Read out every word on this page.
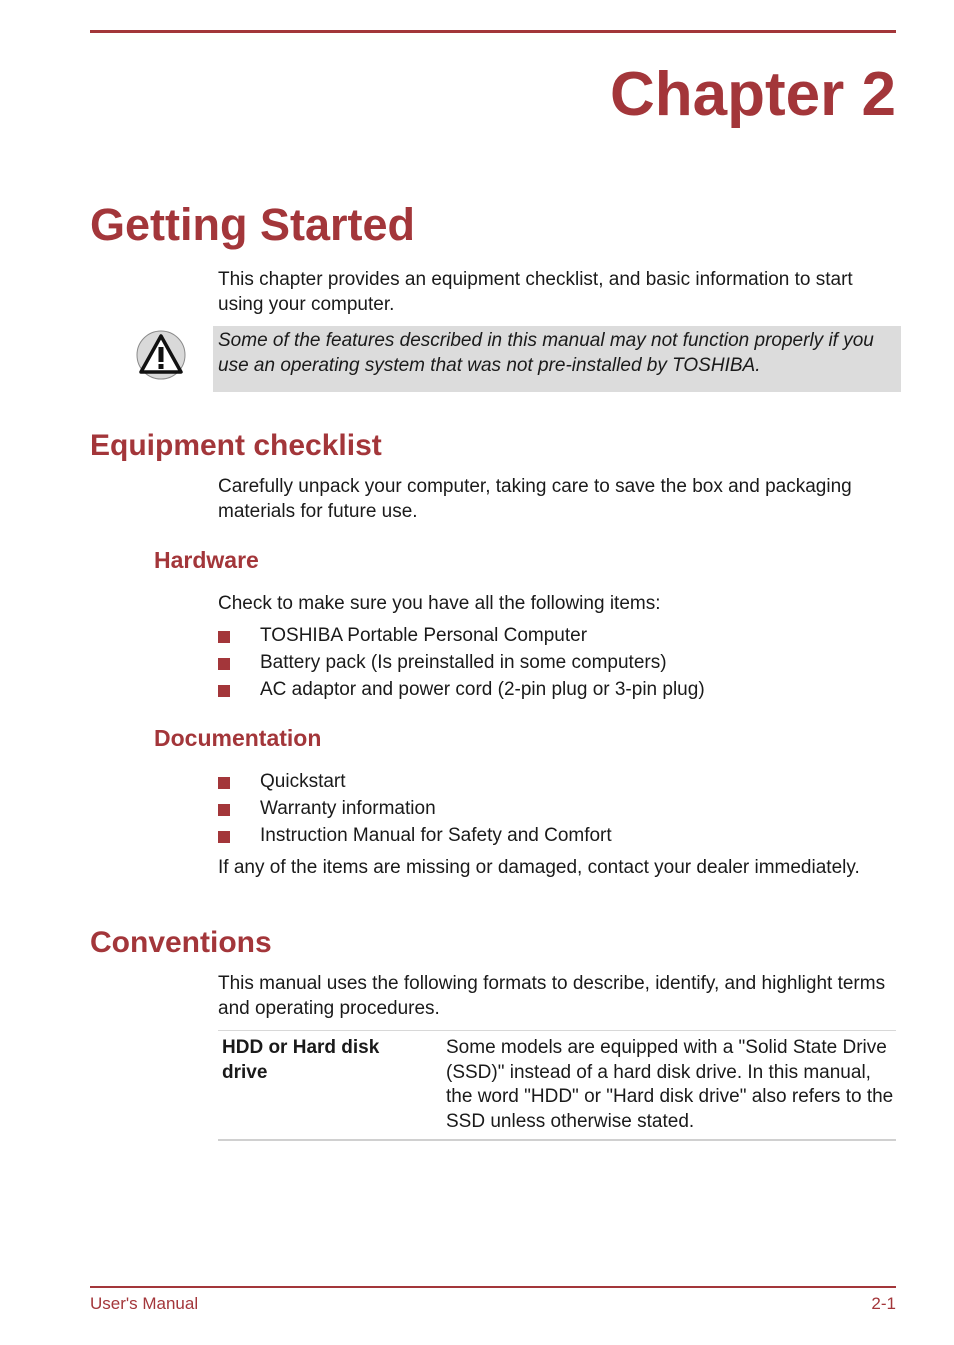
Chapter 2
Getting Started

This chapter provides an equipment checklist, and basic information to start using your computer.

Some of the features described in this manual may not function properly if you use an operating system that was not pre-installed by TOSHIBA.
Equipment checklist

Carefully unpack your computer, taking care to save the box and packaging materials for future use.

Hardware

Check to make sure you have all the following items:

TOSHIBA Portable Personal Computer
Battery pack (Is preinstalled in some computers)
AC adaptor and power cord (2-pin plug or 3-pin plug)
Documentation
Quickstart
Warranty information
Instruction Manual for Safety and Comfort

If any of the items are missing or damaged, contact your dealer immediately.

Conventions

This manual uses the following formats to describe, identify, and highlight terms and operating procedures.

HDD or Hard disk drive
Some models are equipped with a "Solid State Drive (SSD)" instead of a hard disk drive. In this manual, the word "HDD" or "Hard disk drive" also refers to the SSD unless otherwise stated.

User's Manual	2-1
